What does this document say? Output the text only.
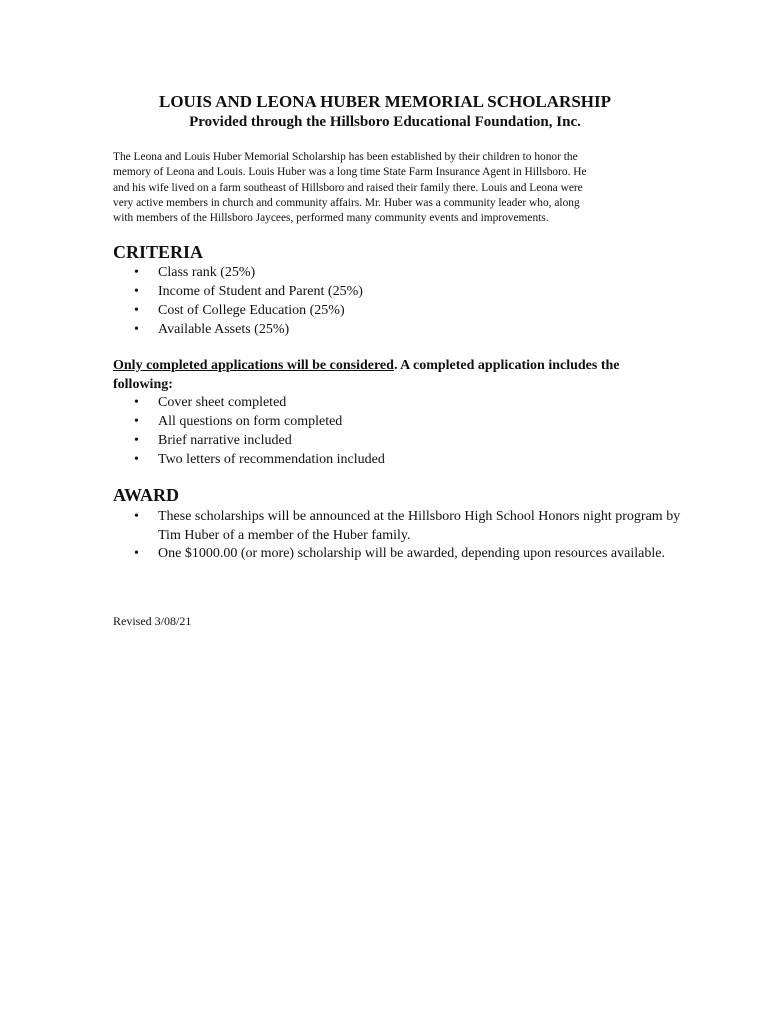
LOUIS AND LEONA HUBER MEMORIAL SCHOLARSHIP
Provided through the Hillsboro Educational Foundation, Inc.

The Leona and Louis Huber Memorial Scholarship has been established by their children to honor the
memory of Leona and Louis. Louis Huber was a long time State Farm Insurance Agent in Hillsboro. He
and his wife lived on a farm southeast of Hillsboro and raised their family there. Louis and Leona were
very active members in church and community affairs. Mr. Huber was a community leader who, along
with members of the Hillsboro Jaycees, performed many community events and improvements.

CRITERIA
• Class rank (25%)
• Income of Student and Parent (25%)
• Cost of College Education (25%)
• Available Assets (25%)

Only completed applications will be considered. A completed application includes the following:

• Cover sheet completed
• All questions on form completed
• Brief narrative included
• Two letters of recommendation included
AWARD
• These scholarships will be announced at the Hillsboro High School Honors night program by Tim Huber of a member of the Huber family.
• One $1000.00 (or more) scholarship will be awarded, depending upon resources available.

Revised 3/08/21
